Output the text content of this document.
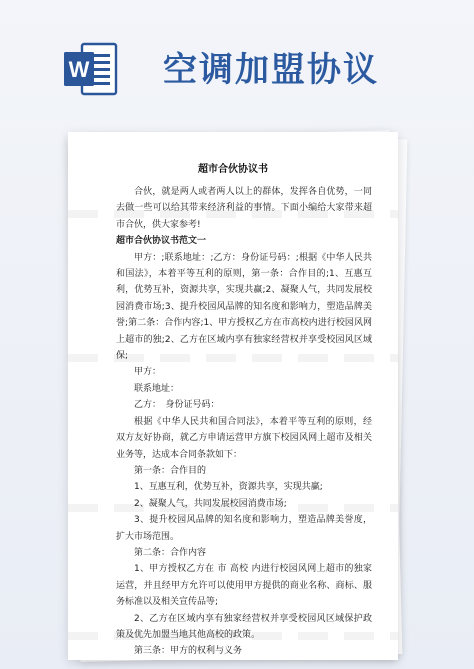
W 空调加盟协议
超市合伙协议书

合伙，就是两人或者两人以上的群体，发挥各自优势，一同去做一些可以给其带来经济利益的事情。下面小编给大家带来超市合伙，供大家参考!

超市合伙协议书范文一

甲方：;联系地址：;乙方：身份证号码：;根据《中华人民共和国法》，本着平等互利的原则，第一条：合作目的;1、互惠互利，优势互补，资源共享，实现共赢;2、凝聚人气，共同发展校园消费市场;3、提升校园风品牌的知名度和影响力，塑造品牌美誉;第二条：合作内容;1、甲方授权乙方在市高校内进行校园风网上超市的独;2、乙方在区域内享有独家经营权并享受校园风区域保;

甲方：

联系地址：

乙方：　身份证号码：

根据《中华人民共和国合同法》，本着平等互利的原则，经双方友好协商，就乙方申请运营甲方旗下校园风网上超市及相关业务等，达成本合同条款如下：

第一条：合作目的

1、互惠互利，优势互补，资源共享，实现共赢;

2、凝聚人气，共同发展校园消费市场;

3、提升校园风品牌的知名度和影响力，塑造品牌美誉度，扩大市场范围。

第二条：合作内容

1、甲方授权乙方在 市 高校 内进行校园风网上超市的独家运营，并且经甲方允许可以使用甲方提供的商业名称、商标、服务标准以及相关宣传品等;

2、乙方在区域内享有独家经营权并享受校园风区域保护政策及优先加盟当地其他高校的政策。

第三条：甲方的权利与义务
